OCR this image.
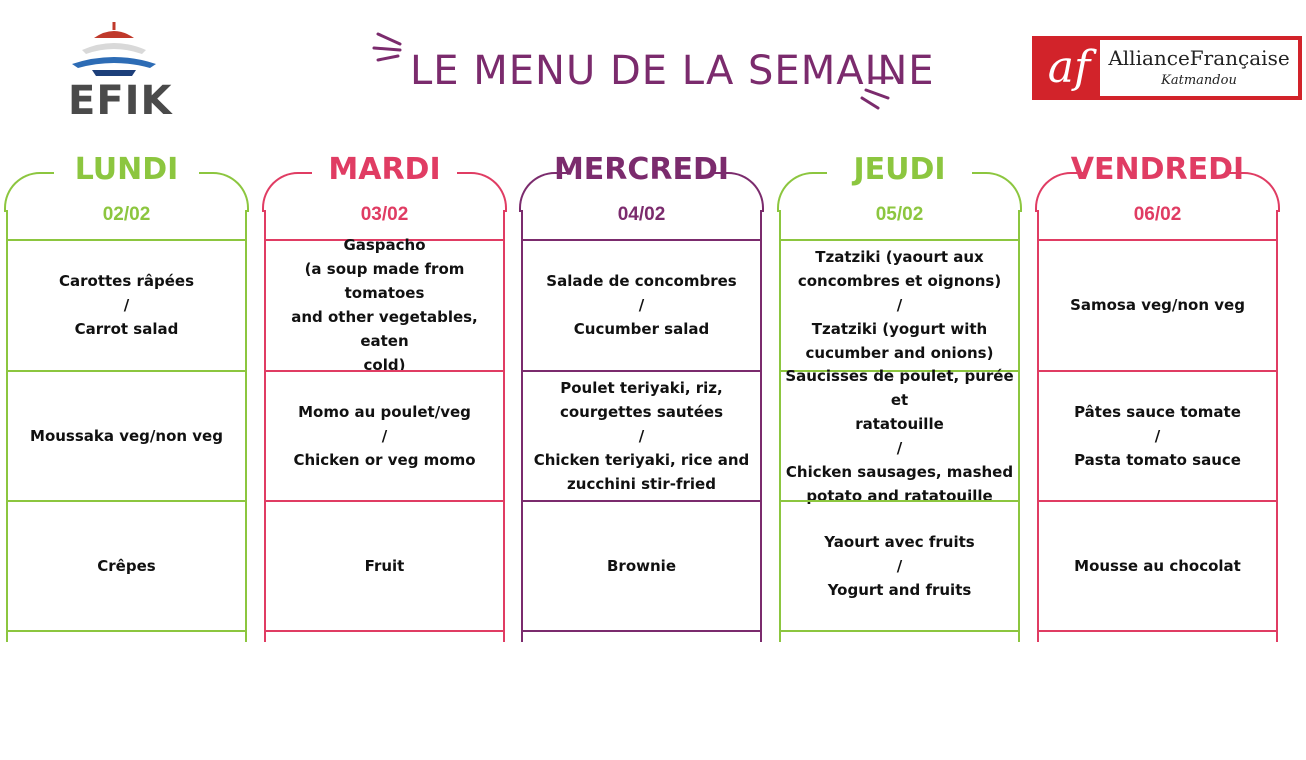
EFIK
LE MENU DE LA SEMAINE	af AllianceFrançaise
Katmandou
LUNDI
02/02
Carottes râpées
/
Carrot salad
Moussaka veg/non veg
Crêpes
MARDI
03/02
Gaspacho
(a soup made from tomatoes
and other vegetables, eaten
cold)
Momo au poulet/veg
/
Chicken or veg momo
Fruit
MERCREDI
04/02
Salade de concombres
/
Cucumber salad
Poulet teriyaki, riz,
courgettes sautées
/
Chicken teriyaki, rice and
zucchini stir-fried
Brownie
JEUDI
05/02
Tzatziki (yaourt aux
concombres et oignons)
/
Tzatziki (yogurt with
cucumber and onions)
Saucisses de poulet, purée et
ratatouille
/
Chicken sausages, mashed
potato and ratatouille
Yaourt avec fruits
/
Yogurt and fruits
VENDREDI
06/02
Samosa veg/non veg
Pâtes sauce tomate
/
Pasta tomato sauce
Mousse au chocolat
